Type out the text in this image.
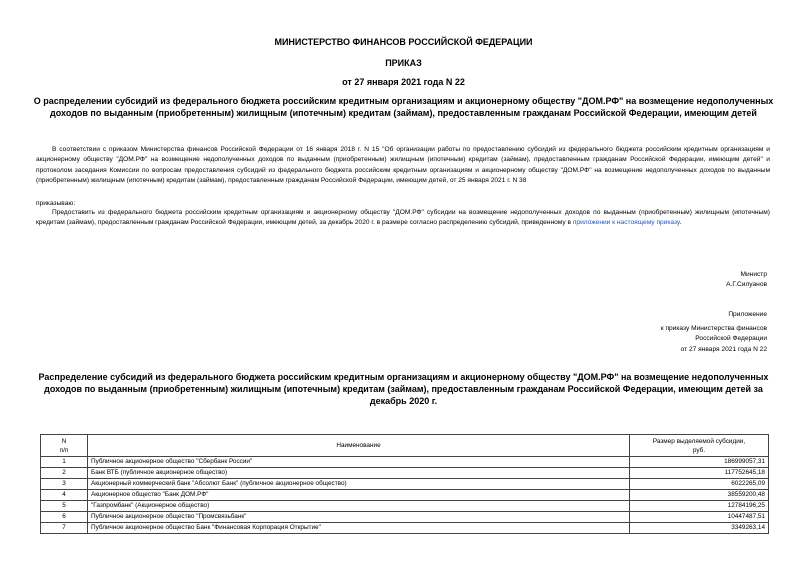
МИНИСТЕРСТВО ФИНАНСОВ РОССИЙСКОЙ ФЕДЕРАЦИИ
ПРИКАЗ
от 27 января 2021 года N 22
О распределении субсидий из федерального бюджета российским кредитным организациям и акционерному обществу "ДОМ.РФ" на возмещение недополученных доходов по выданным (приобретенным) жилищным (ипотечным) кредитам (займам), предоставленным гражданам Российской Федерации, имеющим детей
В соответствии с приказом Министерства финансов Российской Федерации от 16 января 2018 г. N 15 "Об организации работы по предоставлению субсидий из федерального бюджета российским кредитным организациям и акционерному обществу "ДОМ.РФ" на возмещение недополученных доходов по выданным (приобретенным) жилищным (ипотечным) кредитам (займам), предоставленным гражданам Российской Федерации, имеющим детей" и протоколом заседания Комиссии по вопросам предоставления субсидий из федерального бюджета российским кредитным организациям и акционерному обществу "ДОМ.РФ" на возмещение недополученных доходов по выданным (приобретенным) жилищным (ипотечным) кредитам (займам), предоставленным гражданам Российской Федерации, имеющим детей, от 25 января 2021 г. N 38
приказываю:
Предоставить из федерального бюджета российским кредитным организациям и акционерному обществу "ДОМ.РФ" субсидии на возмещение недополученных доходов по выданным (приобретенным) жилищным (ипотечным) кредитам (займам), предоставленным гражданам Российской Федерации, имеющим детей, за декабрь 2020 г. в размере согласно распределению субсидий, приведенному в приложении к настоящему приказу.
Министр
А.Г.Силуанов
Приложение
к приказу Министерства финансов
Российской Федерации
от 27 января 2021 года N 22
Распределение субсидий из федерального бюджета российским кредитным организациям и акционерному обществу "ДОМ.РФ" на возмещение недополученных доходов по выданным (приобретенным) жилищным (ипотечным) кредитам (займам), предоставленным гражданам Российской Федерации, имеющим детей за декабрь 2020 г.
N
п/п	Наименование	Размер выделяемой субсидии,
руб.
1	Публичное акционерное общество "Сбербанк России"	186999057,31
2	Банк ВТБ (публичное акционерное общество)	117752645,18
3	Акционерный коммерческий банк "Абсолют Банк" (публичное акционерное общество)	6022265,09
4	Акционерное общество "Банк ДОМ.РФ"	38559200,48
5	"Газпромбанк" (Акционерное общество)	12784196,25
6	Публичное акционерное общество "Промсвязьбанк"	10447487,51
7	Публичное акционерное общество Банк "Финансовая Корпорация Открытие"	3349263,14
